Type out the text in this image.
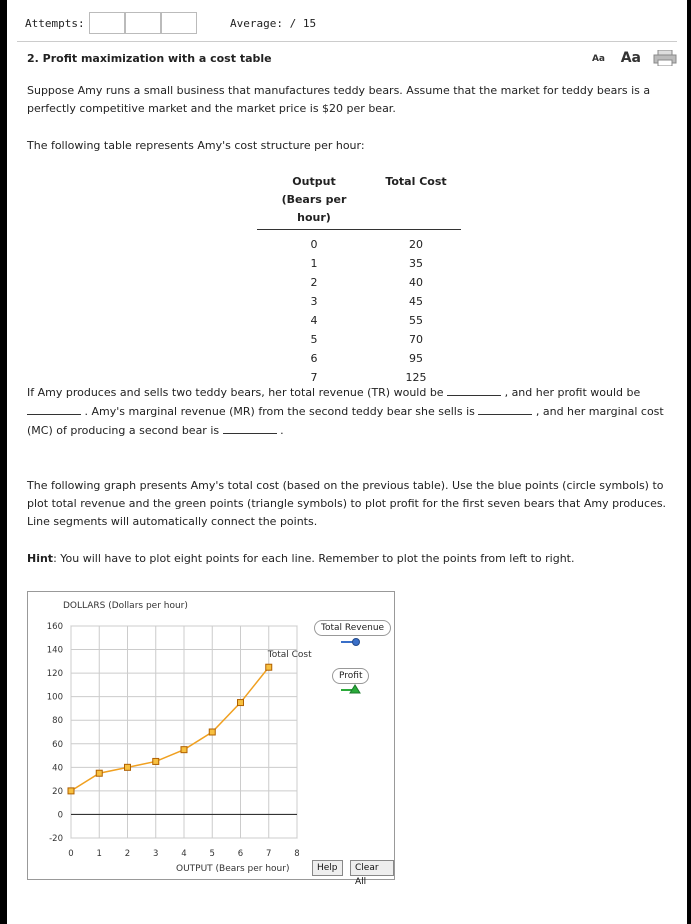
Attempts:	Average: / 15
2. Profit maximization with a cost table	Aa Aa
Suppose Amy runs a small business that manufactures teddy bears. Assume that the market for teddy bears is a perfectly competitive market and the market price is $20 per bear.
The following table represents Amy's cost structure per hour:
Output
(Bears per hour)	Total Cost

0	20
1	35
2	40
3	45
4	55
5	70
6	95
7	125
If Amy produces and sells two teddy bears, her total revenue (TR) would be	, and her profit would be  . Amy's marginal revenue (MR) from the second teddy bear she sells is	, and her marginal cost (MC) of producing a second bear is	.
The following graph presents Amy's total cost (based on the previous table). Use the blue points (circle symbols) to plot total revenue and the green points (triangle symbols) to plot profit for the first seven bears that Amy produces. Line segments will automatically connect the points.
Hint: You will have to plot eight points for each line. Remember to plot the points from left to right.
DOLLARS (Dollars per hour)
160
140
120
100
80
60
40
20
0
-20
0	1	2	3	4	5	6	7	8
Total Cost
OUTPUT (Bears per hour)
Total Revenue
Profit
Help	Clear All
